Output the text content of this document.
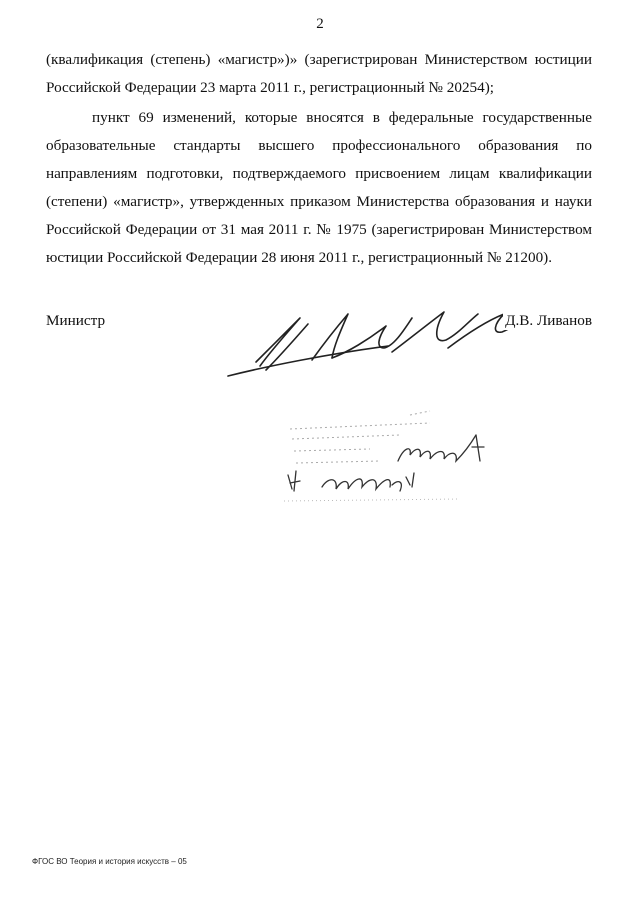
2

(квалификация (степень) «магистр»)» (зарегистрирован Министерством юстиции Российской Федерации 23 марта 2011 г., регистрационный № 20254);

пункт 69 изменений, которые вносятся в федеральные государственные образовательные стандарты высшего профессионального образования по направлениям подготовки, подтверждаемого присвоением лицам квалификации (степени) «магистр», утвержденных приказом Министерства образования и науки Российской Федерации от 31 мая 2011 г. № 1975 (зарегистрирован Министерством юстиции Российской Федерации 28 июня 2011 г., регистрационный № 21200).

Министр	Д.В. Ливанов
ФГОС ВО Теория и история искусств – 05
